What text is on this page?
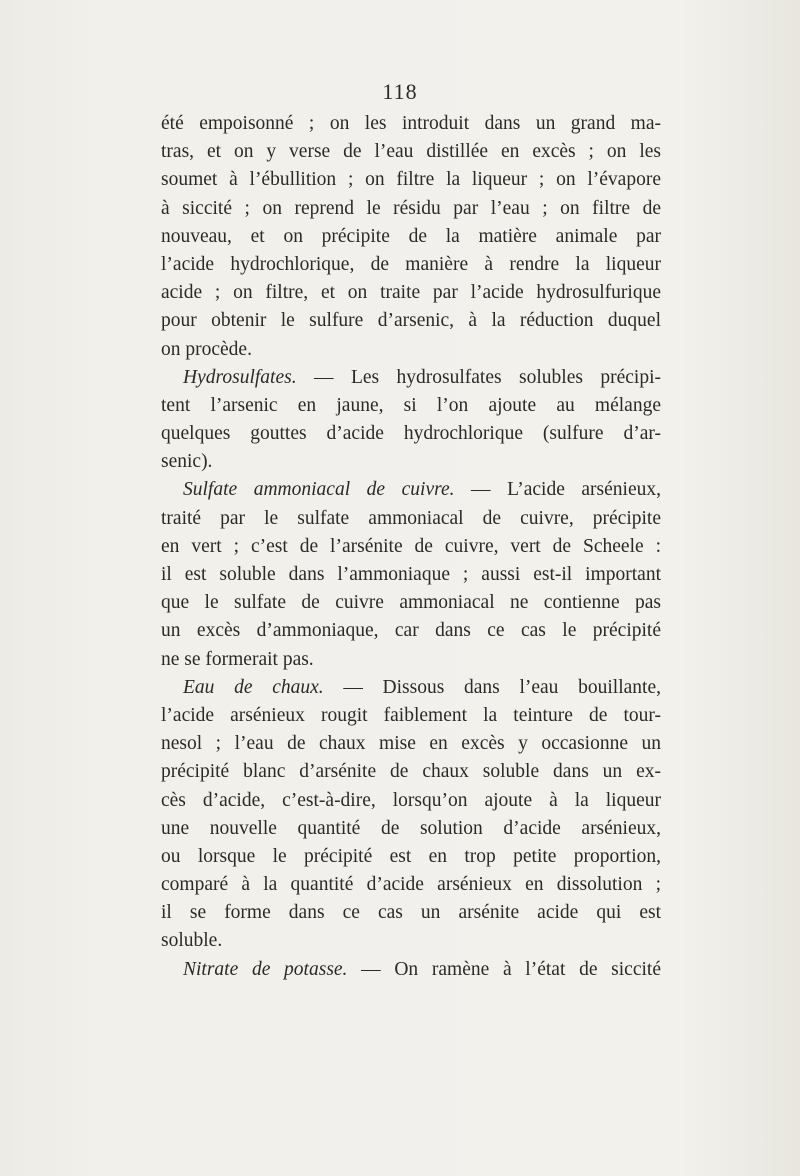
118
été empoisonné ; on les introduit dans un grand ma-
tras, et on y verse de l’eau distillée en excès ; on les
soumet à l’ébullition ; on filtre la liqueur ; on l’évapore
à siccité ; on reprend le résidu par l’eau ; on filtre de
nouveau, et on précipite de la matière animale par
l’acide hydrochlorique, de manière à rendre la liqueur
acide ; on filtre, et on traite par l’acide hydrosulfurique
pour obtenir le sulfure d’arsenic, à la réduction duquel
on procède.
Hydrosulfates. — Les hydrosulfates solubles précipi-
tent l’arsenic en jaune, si l’on ajoute au mélange
quelques gouttes d’acide hydrochlorique (sulfure d’ar-
senic).
Sulfate ammoniacal de cuivre. — L’acide arsénieux,
traité par le sulfate ammoniacal de cuivre, précipite
en vert ; c’est de l’arsénite de cuivre, vert de Scheele :
il est soluble dans l’ammoniaque ; aussi est-il important
que le sulfate de cuivre ammoniacal ne contienne pas
un excès d’ammoniaque, car dans ce cas le précipité
ne se formerait pas.
Eau de chaux. — Dissous dans l’eau bouillante,
l’acide arsénieux rougit faiblement la teinture de tour-
nesol ; l’eau de chaux mise en excès y occasionne un
précipité blanc d’arsénite de chaux soluble dans un ex-
cès d’acide, c’est-à-dire, lorsqu’on ajoute à la liqueur
une nouvelle quantité de solution d’acide arsénieux,
ou lorsque le précipité est en trop petite proportion,
comparé à la quantité d’acide arsénieux en dissolution ;
il se forme dans ce cas un arsénite acide qui est
soluble.
Nitrate de potasse. — On ramène à l’état de siccité
